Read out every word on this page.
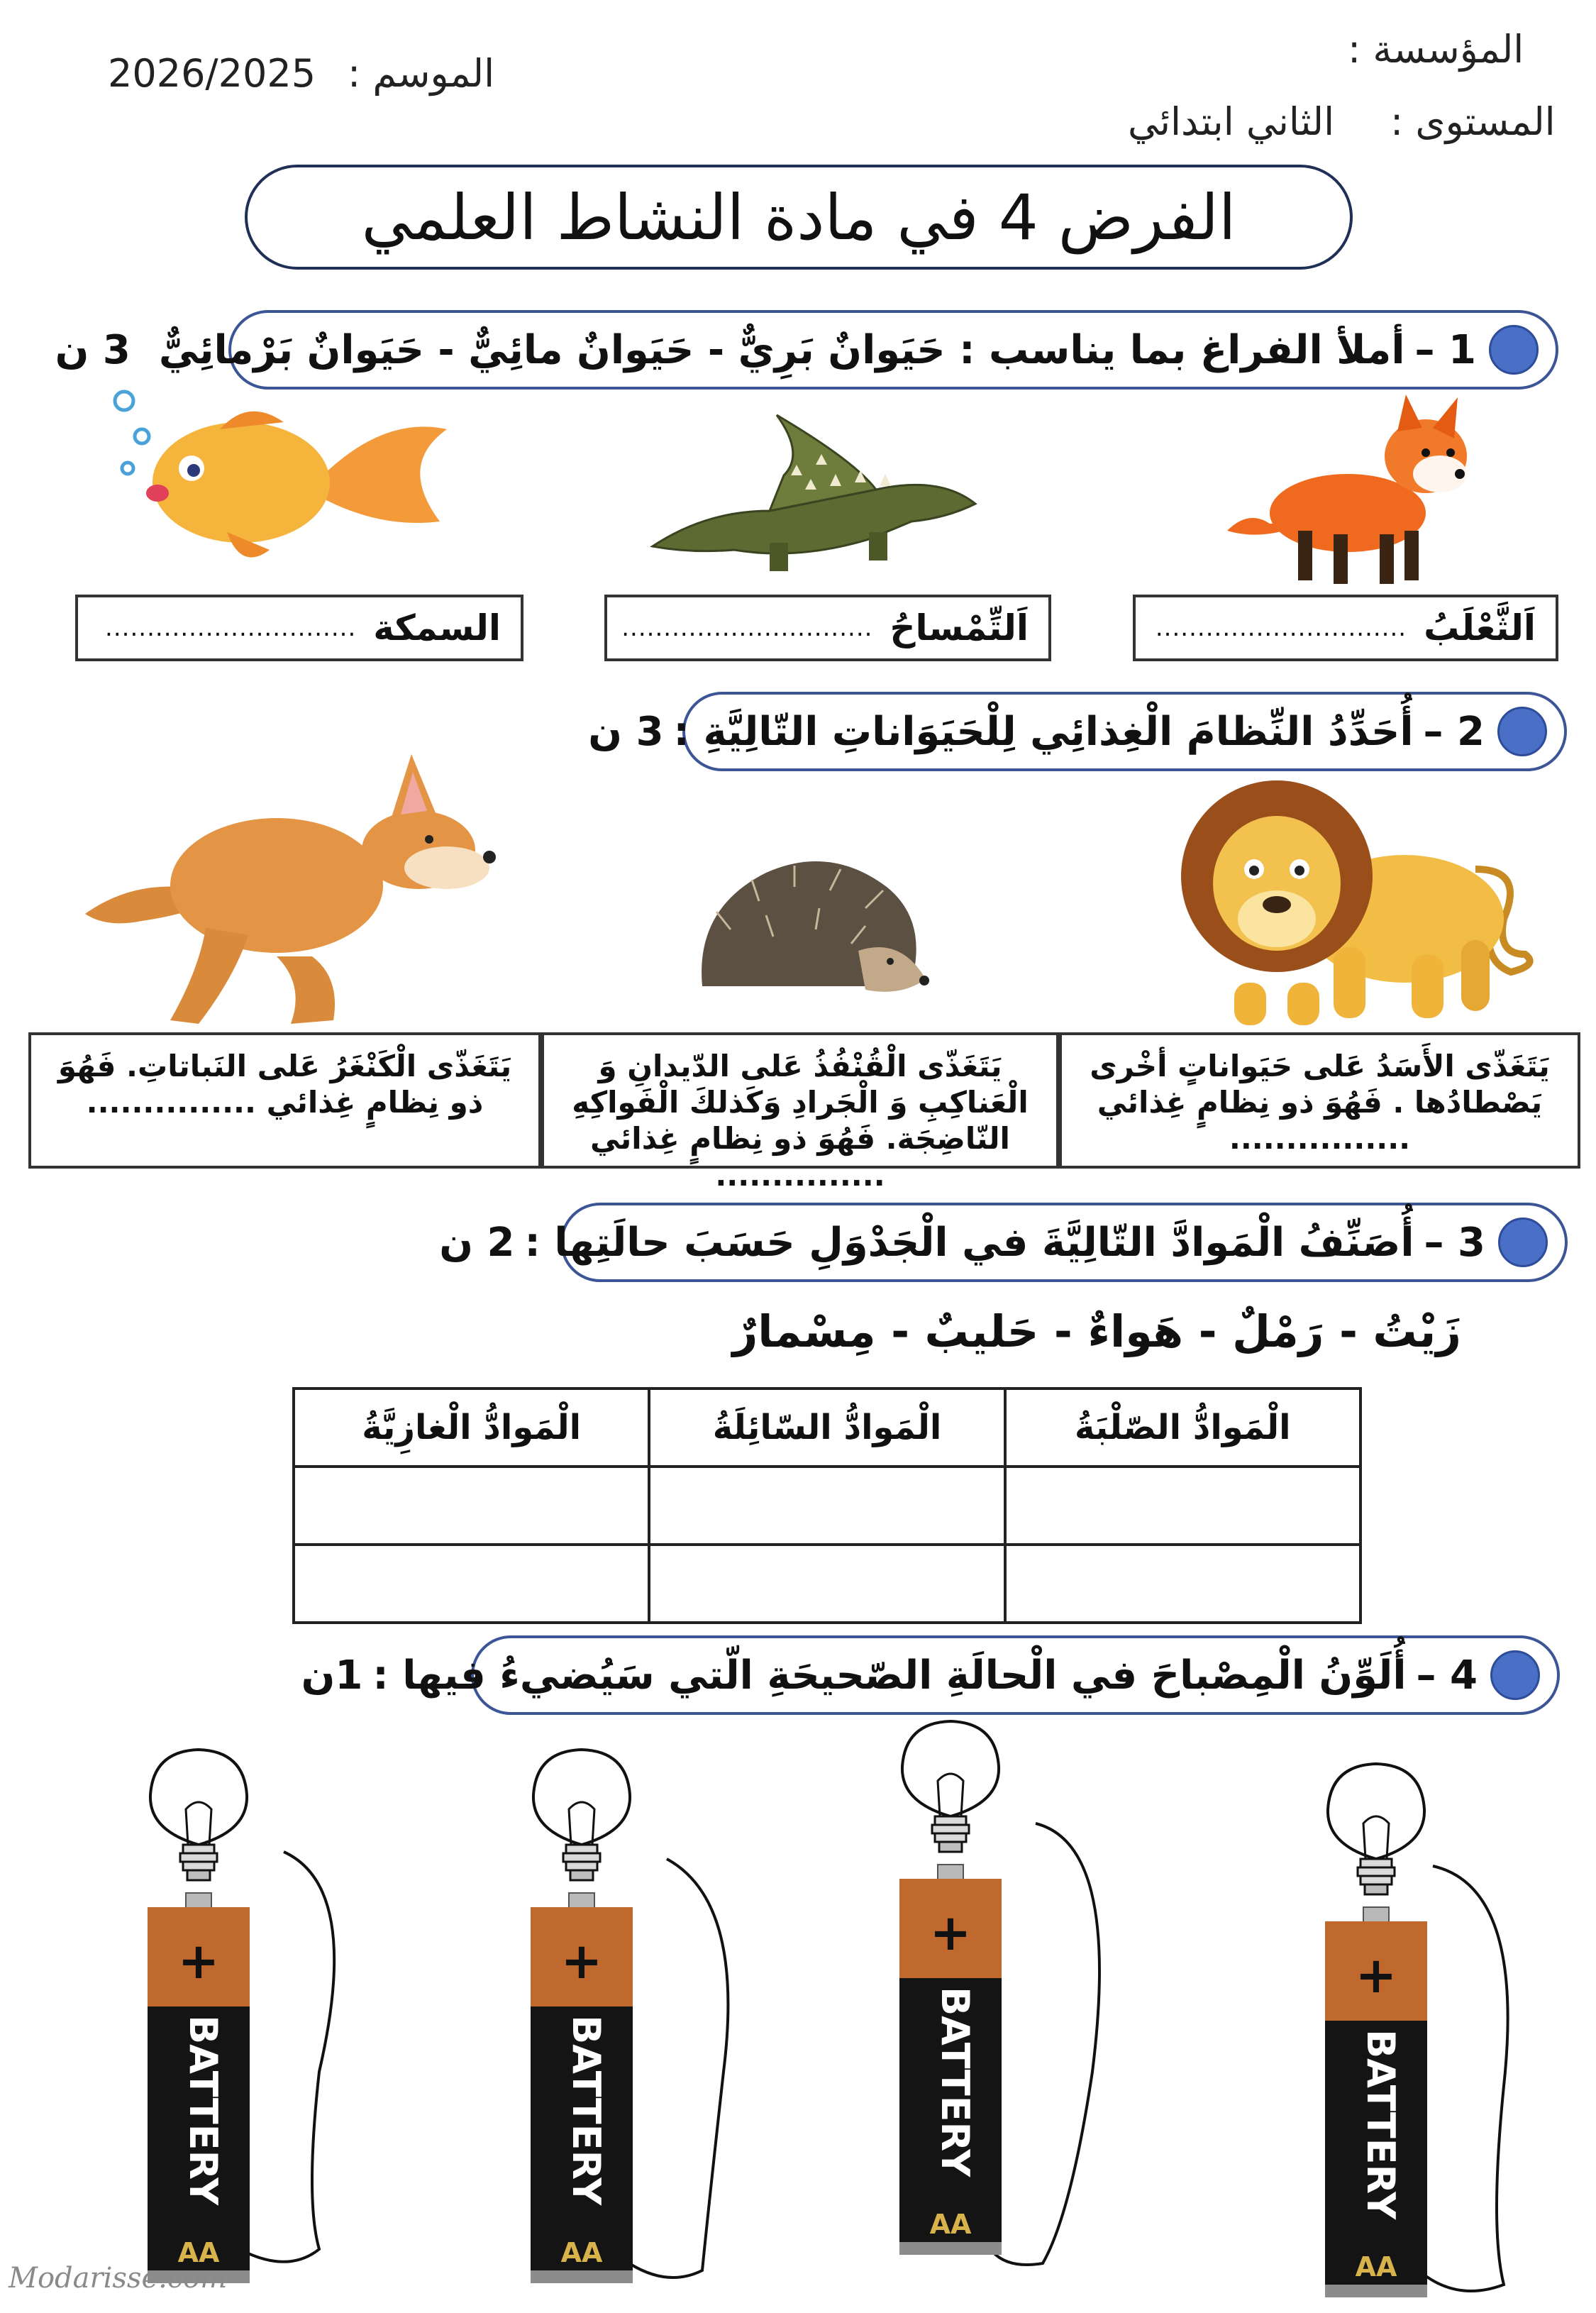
المؤسسة :
الموسم :
2026/2025
المستوى :
الثاني ابتدائي
الفرض 4 في مادة النشاط العلمي
1 –
أملأ الفراغ بما يناسب : حَيَوانٌ بَرِيٌّ - حَيَوانٌ مائِيٌّ - حَيَوانٌ بَرْمائِيٌّ
3 ن
اَلثَّعْلَبُ
..............................
اَلتِّمْساحُ
..............................
السمكة
..............................
2 –
أُحَدِّدُ النِّظامَ الْغِذائِي لِلْحَيَوَاناتِ التّالِيَّةِ :
3 ن
يَتَغَذّى الأَسَدُ عَلى حَيَواناتٍ أخْرى يَصْطادُها . فَهُوَ ذو نِظامٍ غِذائي ................
يَتَغَذّى الْقُنْفُذُ عَلى الدّيدانِ وَ الْعَناكِبِ وَ الْجَرادِ وَكَذلكَ الْفَواكِهِ النّاضِجَة. فَهُوَ ذو نِظامٍ غِذائي ...............
يَتَغَذّى الْكَنْغَرُ عَلى النَباتاتِ. فَهُوَ ذو نِظامٍ غِذائي ...............
3 –
أُصَنِّفُ الْمَوادَّ التّالِيَّةَ في الْجَدْوَلِ حَسَبَ حالَتِها :
2 ن
زَيْتُ - رَمْلٌ - هَواءٌ - حَليبٌ - مِسْمارٌ
الْمَوادُّ الصّلْبَةُ	الْمَوادُّ السّائِلَةُ	الْمَوادُّ الْغازِيَّةُ

4 –
أُلَوِّنُ الْمِصْباحَ في الْحالَةِ الصّحيحَةِ الّتي سَيُضيءُ فيها :
1ن
+
BATTERY
AA
+
BATTERY
AA
+
BATTERY
AA
+
BATTERY
AA
Modarisse.com
